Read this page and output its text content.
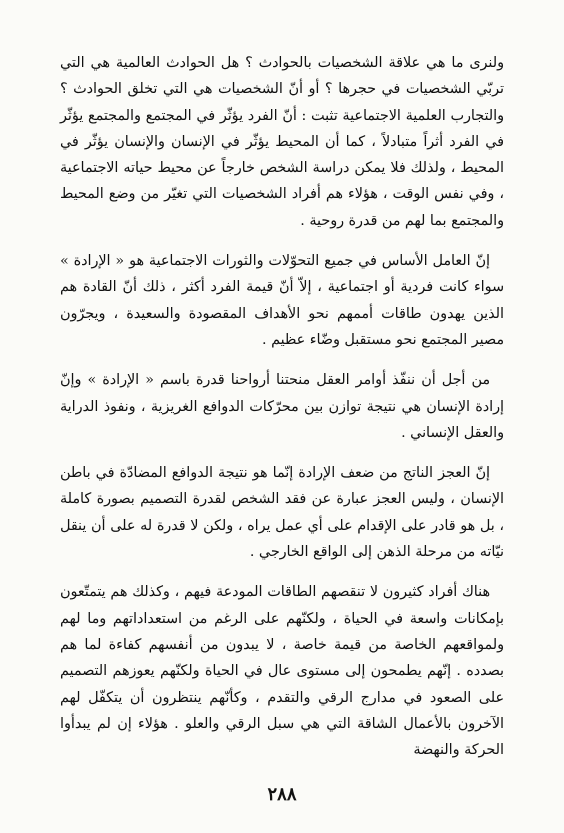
ولنرى ما هي علاقة الشخصيات بالحوادث ؟ هل الحوادث العالمية هي التي تربّي الشخصيات في حجرها ؟ أو أنّ الشخصيات هي التي تخلق الحوادث ؟ والتجارب العلمية الاجتماعية تثبت : أنّ الفرد يؤثّر في المجتمع والمجتمع يؤثّر في الفرد أثراً متبادلاً ، كما أن المحيط يؤثّر في الإنسان والإنسان يؤثّر في المحيط ، ولذلك فلا يمكن دراسة الشخص خارجاً عن محيط حياته الاجتماعية ، وفي نفس الوقت ، هؤلاء هم أفراد الشخصيات التي تغيّر من وضع المحيط والمجتمع بما لهم من قدرة روحية .

إنّ العامل الأساس في جميع التحوّلات والثورات الاجتماعية هو « الإرادة » سواء كانت فردية أو اجتماعية ، إلاّ أنّ قيمة الفرد أكثر ، ذلك أنّ القادة هم الذين يهدون طاقات أممهم نحو الأهداف المقصودة والسعيدة ، ويجرّون مصير المجتمع نحو مستقبل وضّاء عظيم .

من أجل أن ننفّذ أوامر العقل منحتنا أرواحنا قدرة باسم « الإرادة » وإنّ إرادة الإنسان هي نتيجة توازن بين محرّكات الدوافع الغريزية ، ونفوذ الدراية والعقل الإنساني .

إنّ العجز الناتج من ضعف الإرادة إنّما هو نتيجة الدوافع المضادّة في باطن الإنسان ، وليس العجز عبارة عن فقد الشخص لقدرة التصميم بصورة كاملة ، بل هو قادر على الإقدام على أي عمل يراه ، ولكن لا قدرة له على أن ينقل نيّاته من مرحلة الذهن إلى الواقع الخارجي .

هناك أفراد كثيرون لا تنقصهم الطاقات المودعة فيهم ، وكذلك هم يتمتّعون بإمكانات واسعة في الحياة ، ولكنّهم على الرغم من استعداداتهم وما لهم ولمواقعهم الخاصة من قيمة خاصة ، لا يبدون من أنفسهم كفاءة لما هم بصدده . إنّهم يطمحون إلى مستوى عال في الحياة ولكنّهم يعوزهم التصميم على الصعود في مدارج الرقي والتقدم ، وكأنّهم ينتظرون أن يتكفّل لهم الآخرون بالأعمال الشاقة التي هي سبل الرقي والعلو . هؤلاء إن لم يبدأوا الحركة والنهضة

٢٨٨
